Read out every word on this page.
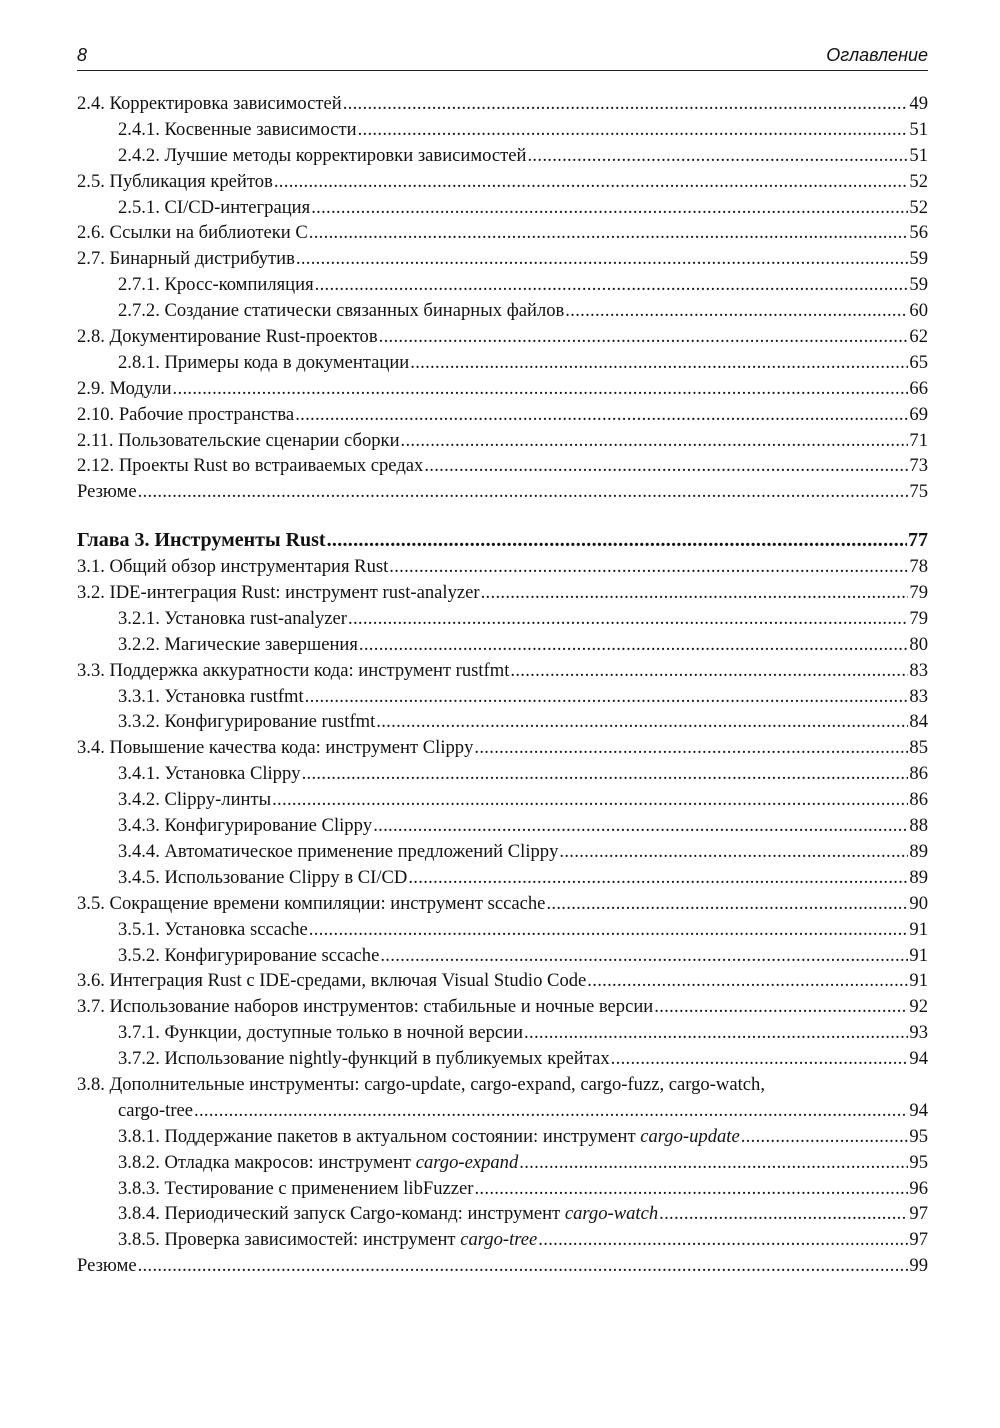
8	Оглавление
2.4. Корректировка зависимостей .....	49
2.4.1. Косвенные зависимости .....	51
2.4.2. Лучшие методы корректировки зависимостей .....	51
2.5. Публикация крейтов .....	52
2.5.1. CI/CD-интеграция .....	52
2.6. Ссылки на библиотеки С .....	56
2.7. Бинарный дистрибутив .....	59
2.7.1. Кросс-компиляция .....	59
2.7.2. Создание статически связанных бинарных файлов .....	60
2.8. Документирование Rust-проектов .....	62
2.8.1. Примеры кода в документации .....	65
2.9. Модули .....	66
2.10. Рабочие пространства .....	69
2.11. Пользовательские сценарии сборки .....	71
2.12. Проекты Rust во встраиваемых средах .....	73
Резюме .....	75
Глава 3. Инструменты Rust .....	77
3.1. Общий обзор инструментария Rust .....	78
3.2. IDE-интеграция Rust: инструмент rust-analyzer .....	79
3.2.1. Установка rust-analyzer .....	79
3.2.2. Магические завершения .....	80
3.3. Поддержка аккуратности кода: инструмент rustfmt .....	83
3.3.1. Установка rustfmt .....	83
3.3.2. Конфигурирование rustfmt .....	84
3.4. Повышение качества кода: инструмент Clippy .....	85
3.4.1. Установка Clippy .....	86
3.4.2. Clippy-линты .....	86
3.4.3. Конфигурирование Clippy .....	88
3.4.4. Автоматическое применение предложений Clippy .....	89
3.4.5. Использование Clippy в CI/CD .....	89
3.5. Сокращение времени компиляции: инструмент sccache .....	90
3.5.1. Установка sccache .....	91
3.5.2. Конфигурирование sccache .....	91
3.6. Интеграция Rust с IDE-средами, включая Visual Studio Code .....	91
3.7. Использование наборов инструментов: стабильные и ночные версии .....	92
3.7.1. Функции, доступные только в ночной версии .....	93
3.7.2. Использование nightly-функций в публикуемых крейтах .....	94
3.8. Дополнительные инструменты: cargo-update, cargo-expand, cargo-fuzz, cargo-watch,
cargo-tree .....	94
3.8.1. Поддержание пакетов в актуальном состоянии: инструмент cargo-update .....	95
3.8.2. Отладка макросов: инструмент cargo-expand .....	95
3.8.3. Тестирование с применением libFuzzer .....	96
3.8.4. Периодический запуск Cargo-команд: инструмент cargo-watch .....	97
3.8.5. Проверка зависимостей: инструмент cargo-tree .....	97
Резюме .....	99
